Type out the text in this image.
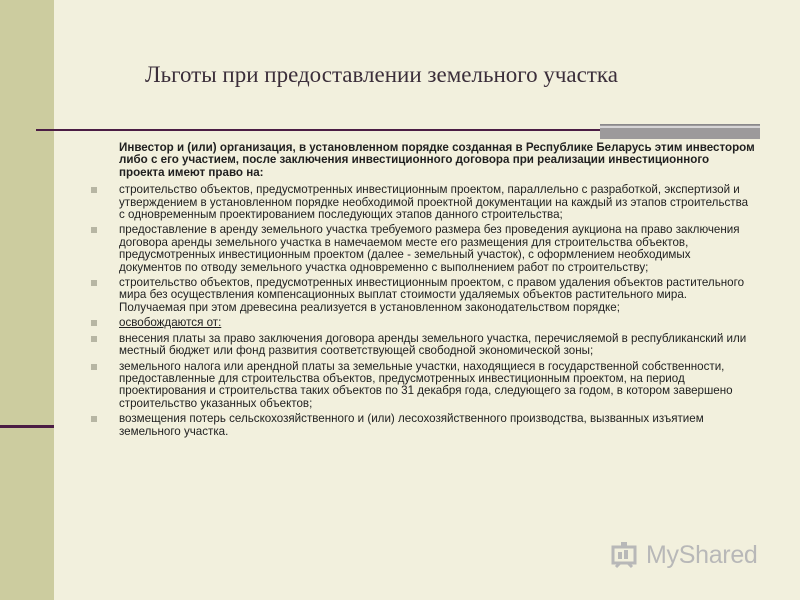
Льготы при предоставлении земельного участка

Инвестор и (или) организация, в установленном порядке созданная в Республике Беларусь этим инвестором либо с его участием, после заключения инвестиционного договора при реализации инвестиционного проекта имеют право на:

строительство объектов, предусмотренных инвестиционным проектом, параллельно с разработкой, экспертизой и утверждением в установленном порядке необходимой проектной документации на каждый из этапов строительства с одновременным проектированием последующих этапов данного строительства;
предоставление в аренду земельного участка требуемого размера без проведения аукциона на право заключения договора аренды земельного участка в намечаемом месте его размещения для строительства объектов, предусмотренных инвестиционным проектом (далее - земельный участок), с оформлением необходимых документов по отводу земельного участка одновременно с выполнением работ по строительству;
строительство объектов, предусмотренных инвестиционным проектом, с правом удаления объектов растительного мира без осуществления компенсационных выплат стоимости удаляемых объектов растительного мира. Получаемая при этом древесина реализуется в установленном законодательством порядке;
освобождаются от:
внесения платы за право заключения договора аренды земельного участка, перечисляемой в республиканский или местный бюджет или фонд развития соответствующей свободной экономической зоны;
земельного налога или арендной платы за земельные участки, находящиеся в государственной собственности, предоставленные для строительства объектов, предусмотренных инвестиционным проектом, на период проектирования и строительства таких объектов по 31 декабря года, следующего за годом, в котором завершено строительство указанных объектов;
возмещения потерь сельскохозяйственного и (или) лесохозяйственного производства, вызванных изъятием земельного участка.
MyShared
